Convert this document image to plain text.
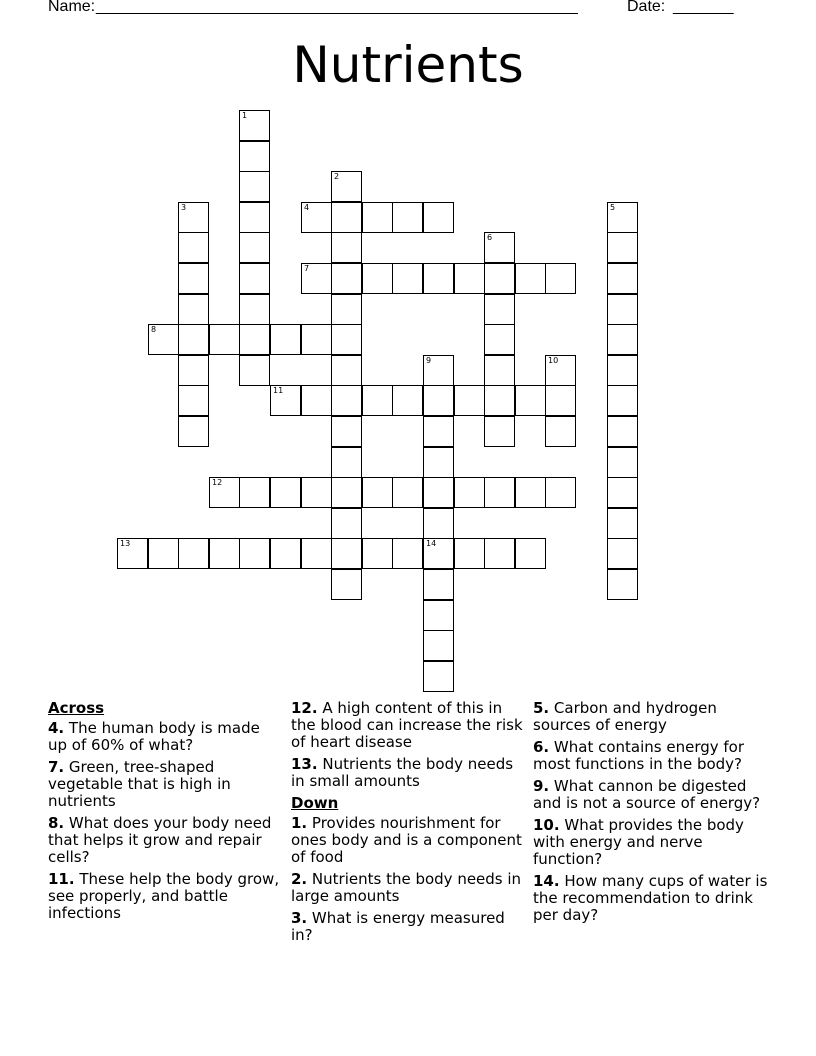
Name: ________________________________________________________	Date: _______
Nutrients
1
2
3	4	5
6
7
8
9
14
10
11
12
13
Across
4. The human body is made up of 60% of what?
7. Green, tree-shaped vegetable that is high in nutrients
8. What does your body need that helps it grow and repair cells?
11. These help the body grow, see properly, and battle infections
12. A high content of this in the blood can increase the risk of heart disease
13. Nutrients the body needs in small amounts
Down
1. Provides nourishment for ones body and is a component of food
2. Nutrients the body needs in large amounts
3. What is energy measured in?
5. Carbon and hydrogen sources of energy
6. What contains energy for most functions in the body?
9. What cannon be digested and is not a source of energy?
10. What provides the body with energy and nerve function?
14. How many cups of water is the recommendation to drink per day?
